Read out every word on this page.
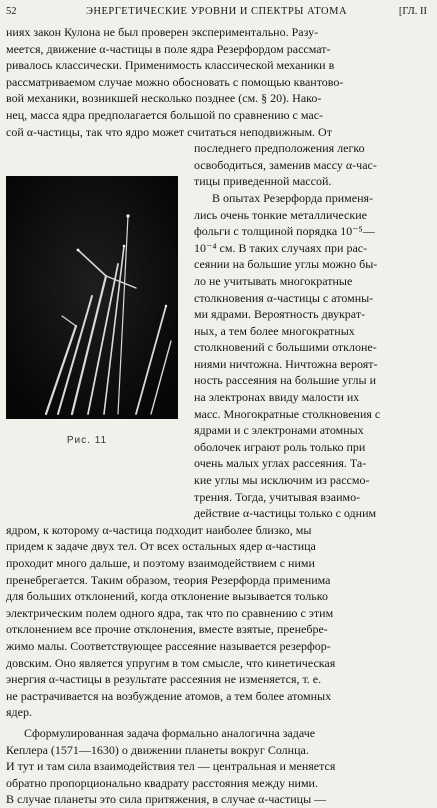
52	ЭНЕРГЕТИЧЕСКИЕ УРОВНИ И СПЕКТРЫ АТОМА	[ГЛ. II
Рис. 11
ниях закон Кулона не был проверен экспериментально. Разу-
меется, движение α-частицы в поле ядра Резерфордом рассмат-
ривалось классически. Применимость классической механики в
рассматриваемом случае можно обосновать с помощью квантово-
вой механики, возникшей несколько позднее (см. § 20). Нако-
нец, масса ядра предполагается большой по сравнению с мас-
сой α-частицы, так что ядро может считаться неподвижным. От
последнего предположения легко
освободиться, заменив массу α-час-
тицы приведенной массой.
В опытах Резерфорда применя-
лись очень тонкие металлические
фольги с толщиной порядка 10⁻⁵—
10⁻⁴ см. В таких случаях при рас-
сеянии на большие углы можно бы-
ло не учитывать многократные
столкновения α-частицы с атомны-
ми ядрами. Вероятность двукрат-
ных, а тем более многократных
столкновений с большими отклоне-
ниями ничтожна. Ничтожна вероят-
ность рассеяния на большие углы и
на электронах ввиду малости их
масс. Многократные столкновения с
ядрами и с электронами атомных
оболочек играют роль только при
очень малых углах рассеяния. Та-
кие углы мы исключим из рассмо-
трения. Тогда, учитывая взаимо-
действие α-частицы только с одним
ядром, к которому α-частица подходит наиболее близко, мы
придем к задаче двух тел. От всех остальных ядер α-частица
проходит много дальше, и поэтому взаимодействием с ними
пренебрегается. Таким образом, теория Резерфорда применима
для больших отклонений, когда отклонение вызывается только
электрическим полем одного ядра, так что по сравнению с этим
отклонением все прочие отклонения, вместе взятые, пренебре-
жимо малы. Соответствующее рассеяние называется резерфор-
довским. Оно является упругим в том смысле, что кинетическая
энергия α-частицы в результате рассеяния не изменяется, т. е.
не растрачивается на возбуждение атомов, а тем более атомных
ядер.
Сформулированная задача формально аналогична задаче
Кеплера (1571—1630) о движении планеты вокруг Солнца.
И тут и там сила взаимодействия тел — центральная и меняется
обратно пропорционально квадрату расстояния между ними.
В случае планеты это сила притяжения, в случае α-частицы —
